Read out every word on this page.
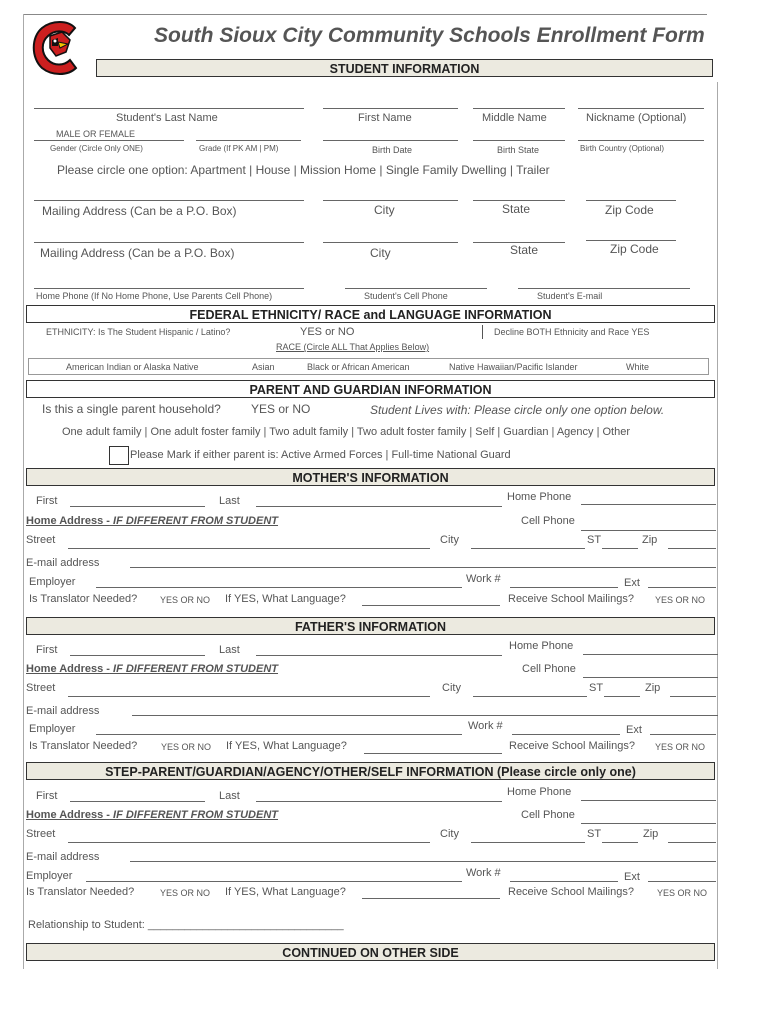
South Sioux City Community Schools Enrollment Form
STUDENT INFORMATION
Student's Last Name	First Name	Middle Name	Nickname (Optional)
MALE OR FEMALE
Gender (Circle Only ONE)	Grade (If PK AM | PM)	Birth Date	Birth State	Birth Country (Optional)
Please circle one option: Apartment | House | Mission Home | Single Family Dwelling | Trailer
Mailing Address (Can be a P.O. Box)	City	State	Zip Code
Mailing Address (Can be a P.O. Box)	City	State	Zip Code
Home Phone (If No Home Phone, Use Parents Cell Phone)	Student's Cell Phone	Student's E-mail
FEDERAL ETHNICITY/ RACE and LANGUAGE INFORMATION
ETHNICITY: Is The Student Hispanic / Latino?	YES or NO	Decline BOTH Ethnicity and Race YES
RACE (Circle ALL That Applies Below)
American Indian or Alaska Native	Asian	Black or African American	Native Hawaiian/Pacific Islander	White
PARENT AND GUARDIAN INFORMATION
Is this a single parent household?	YES or NO	Student Lives with: Please circle only one option below.
One adult family | One adult foster family | Two adult family | Two adult foster family | Self | Guardian | Agency | Other
Please Mark if either parent is: Active Armed Forces | Full-time National Guard
MOTHER'S INFORMATION
First	Last	Home Phone
Home Address - IF DIFFERENT FROM STUDENT	Cell Phone
Street	City	ST	Zip
E-mail address
Employer	Work #	Ext
Is Translator Needed?	YES OR NO If YES, What Language?	Receive School Mailings? YES OR NO
FATHER'S INFORMATION
First	Last	Home Phone
Home Address - IF DIFFERENT FROM STUDENT	Cell Phone
Street	City	ST	Zip
E-mail address
Employer	Work #	Ext
Is Translator Needed?	YES OR NO If YES, What Language?	Receive School Mailings? YES OR NO
STEP-PARENT/GUARDIAN/AGENCY/OTHER/SELF INFORMATION (Please circle only one)
First	Last	Home Phone
Home Address - IF DIFFERENT FROM STUDENT	Cell Phone
Street	City	ST	Zip
E-mail address
Employer	Work #	Ext
Is Translator Needed?	YES OR NO If YES, What Language?	Receive School Mailings?	YES OR NO
Relationship to Student: ________________________________
CONTINUED ON OTHER SIDE
